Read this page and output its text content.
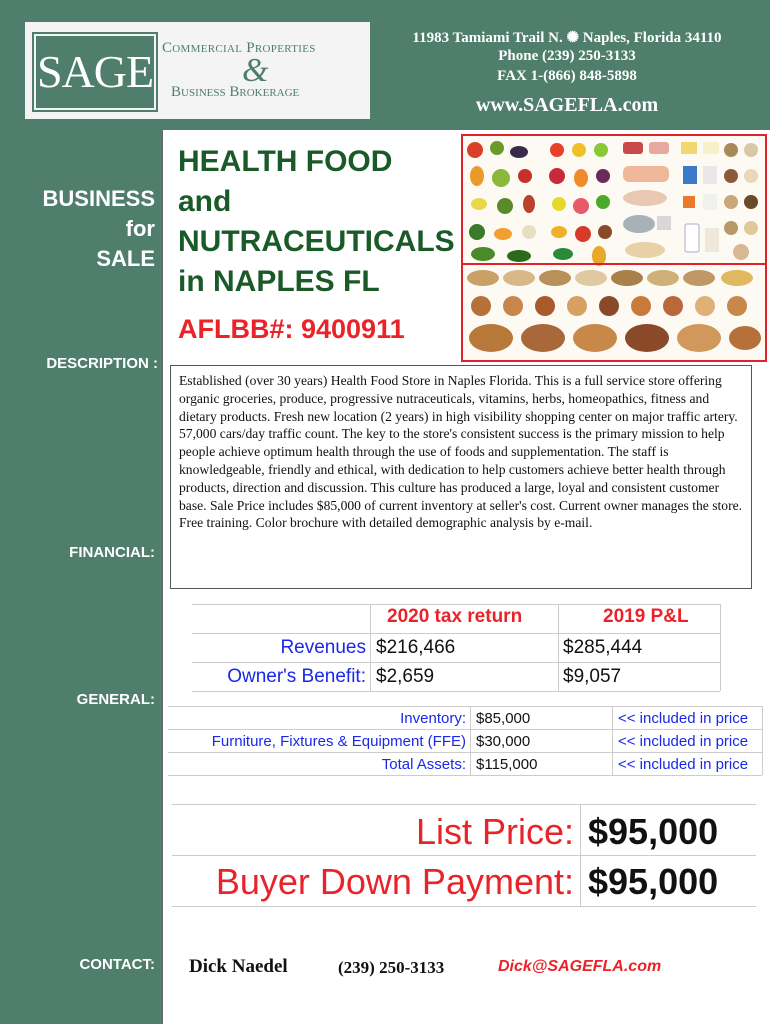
SAGE Commercial Properties
&
Business Brokerage
11983 Tamiami Trail N. ✺ Naples, Florida 34110
Phone (239) 250-3133
FAX 1-(866) 848-5898
www.SAGEFLA.com
BUSINESS
for
SALE
DESCRIPTION :
FINANCIAL:
GENERAL:
CONTACT:
HEALTH FOOD
and
NUTRACEUTICALS
in NAPLES FL
AFLBB#: 9400911
Established (over 30 years) Health Food Store in Naples Florida. This is a full service store offering organic groceries, produce, progressive nutraceuticals, vitamins, herbs, homeopathics, fitness and dietary products. Fresh new location (2 years) in high visibility shopping center on major traffic artery. 57,000 cars/day traffic count. The key to the store's consistent success is the primary mission to help people achieve optimum health through the use of foods and supplementation. The staff is knowledgeable, friendly and ethical, with dedication to help customers achieve better health through products, direction and discussion. This culture has produced a large, loyal and consistent customer base. Sale Price includes $85,000 of current inventory at seller's cost. Current owner manages the store. Free training. Color brochure with detailed demographic analysis by e-mail.
2020 tax return	2019 P&L
Revenues $216,466	$285,444
Owner's Benefit: $2,659	$9,057
Inventory: $85,000	<< included in price
Furniture, Fixtures & Equipment (FFE) $30,000	<< included in price
Total Assets: $115,000	<< included in price
List Price: $95,000
Buyer Down Payment: $95,000
Dick Naedel	(239) 250-3133	Dick@SAGEFLA.com
